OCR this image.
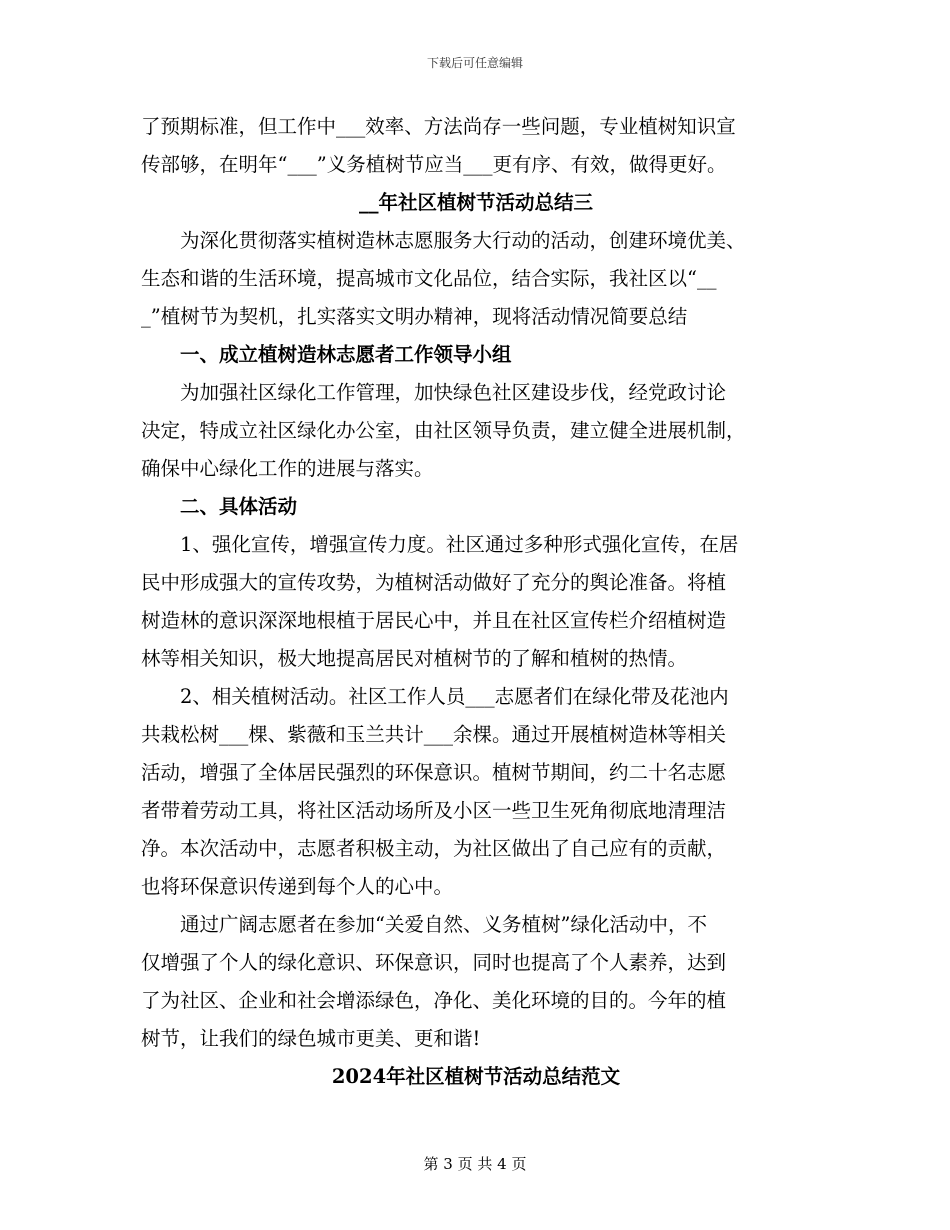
下载后可任意编辑
了预期标准，但工作中___效率、方法尚存一些问题，专业植树知识宣
传部够，在明年“___”义务植树节应当___更有序、有效，做得更好。
__年社区植树节活动总结三
为深化贯彻落实植树造林志愿服务大行动的活动，创建环境优美、
生态和谐的生活环境，提高城市文化品位，结合实际，我社区以“__
_”植树节为契机，扎实落实文明办精神，现将活动情况简要总结
一、成立植树造林志愿者工作领导小组
为加强社区绿化工作管理，加快绿色社区建设步伐，经党政讨论
决定，特成立社区绿化办公室，由社区领导负责，建立健全进展机制，
确保中心绿化工作的进展与落实。
二、具体活动
1、强化宣传，增强宣传力度。社区通过多种形式强化宣传，在居
民中形成强大的宣传攻势，为植树活动做好了充分的舆论准备。将植
树造林的意识深深地根植于居民心中，并且在社区宣传栏介绍植树造
林等相关知识，极大地提高居民对植树节的了解和植树的热情。
2、相关植树活动。社区工作人员___志愿者们在绿化带及花池内
共栽松树___棵、紫薇和玉兰共计___余棵。通过开展植树造林等相关
活动，增强了全体居民强烈的环保意识。植树节期间，约二十名志愿
者带着劳动工具，将社区活动场所及小区一些卫生死角彻底地清理洁
净。本次活动中，志愿者积极主动，为社区做出了自己应有的贡献，
也将环保意识传递到每个人的心中。
通过广阔志愿者在参加“关爱自然、义务植树”绿化活动中，不
仅增强了个人的绿化意识、环保意识，同时也提高了个人素养，达到
了为社区、企业和社会增添绿色，净化、美化环境的目的。今年的植
树节，让我们的绿色城市更美、更和谐!
2024年社区植树节活动总结范文
第 3 页 共 4 页
